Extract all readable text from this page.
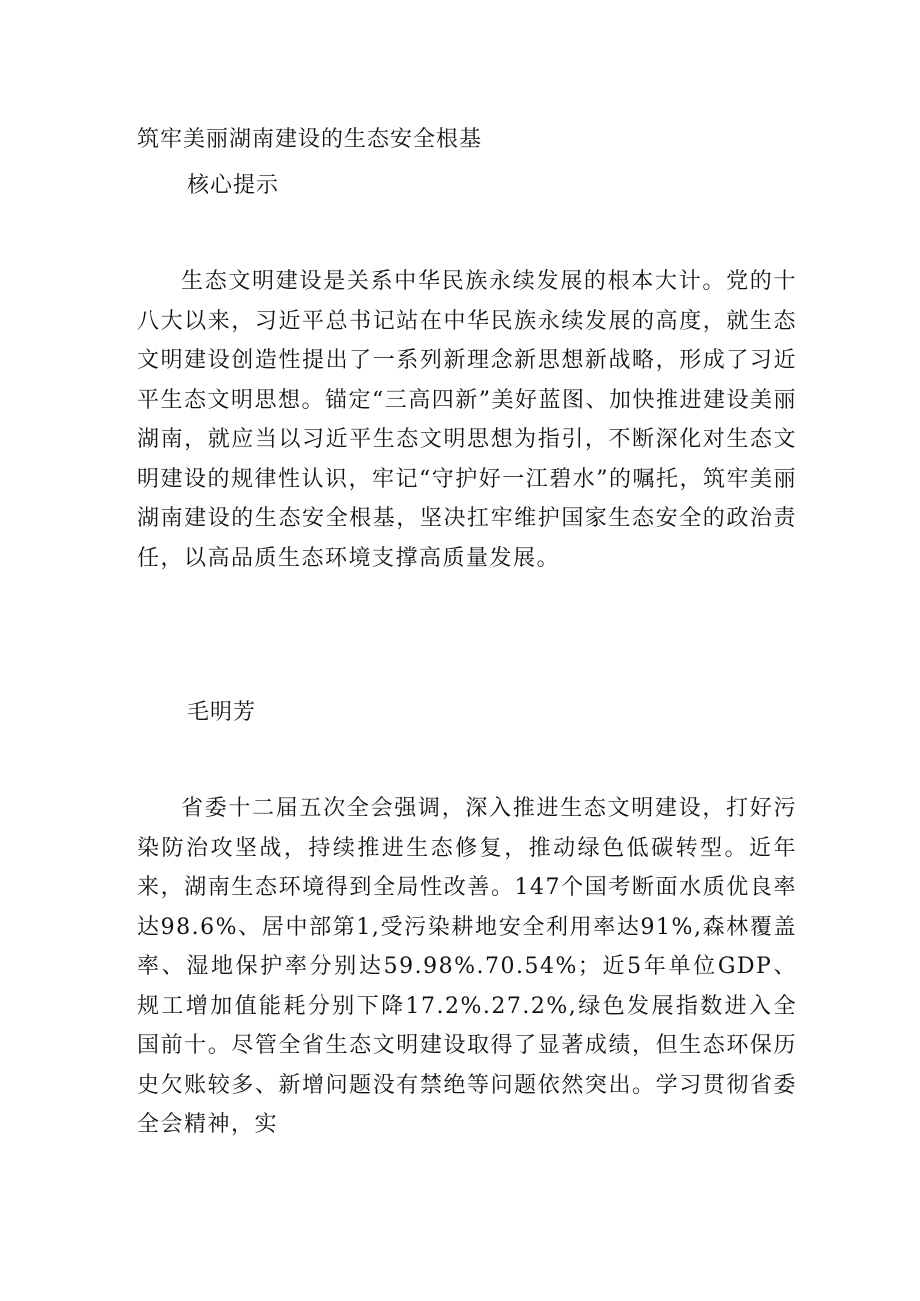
筑牢美丽湖南建设的生态安全根基
核心提示

生态文明建设是关系中华民族永续发展的根本大计。党的十八大以来，习近平总书记站在中华民族永续发展的高度，就生态文明建设创造性提出了一系列新理念新思想新战略，形成了习近平生态文明思想。锚定“三高四新”美好蓝图、加快推进建设美丽湖南，就应当以习近平生态文明思想为指引，不断深化对生态文明建设的规律性认识，牢记“守护好一江碧水”的嘱托，筑牢美丽湖南建设的生态安全根基，坚决扛牢维护国家生态安全的政治责任，以高品质生态环境支撑高质量发展。

毛明芳

省委十二届五次全会强调，深入推进生态文明建设，打好污染防治攻坚战，持续推进生态修复，推动绿色低碳转型。近年来，湖南生态环境得到全局性改善。147个国考断面水质优良率达98.6%、居中部第1,受污染耕地安全利用率达91%,森林覆盖率、湿地保护率分别达59.98%.70.54%；近5年单位GDP、规工增加值能耗分别下降17.2%.27.2%,绿色发展指数进入全国前十。尽管全省生态文明建设取得了显著成绩，但生态环保历史欠账较多、新增问题没有禁绝等问题依然突出。学习贯彻省委全会精神，实
